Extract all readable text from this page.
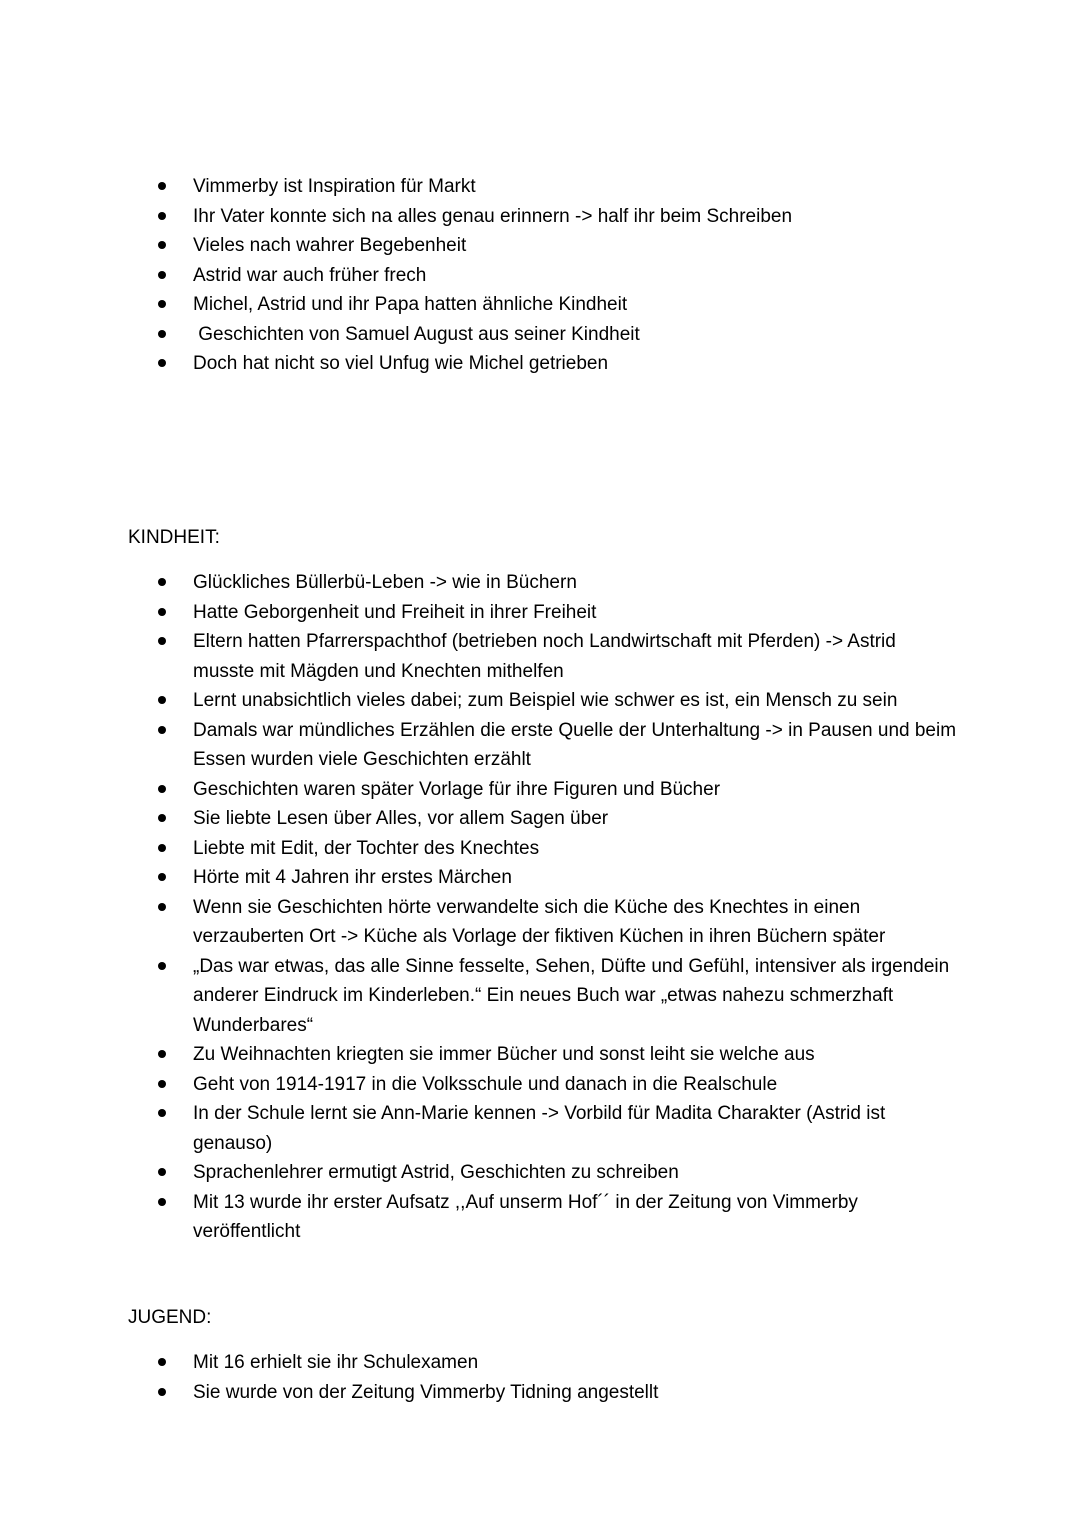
Vimmerby ist Inspiration für Markt
Ihr Vater konnte sich na alles genau erinnern -> half ihr beim Schreiben
Vieles nach wahrer Begebenheit
Astrid war auch früher frech
Michel, Astrid und ihr Papa hatten ähnliche Kindheit
Geschichten von Samuel August aus seiner Kindheit
Doch hat nicht so viel Unfug wie Michel getrieben
KINDHEIT:
Glückliches Büllerbü-Leben -> wie in Büchern
Hatte Geborgenheit und Freiheit in ihrer Freiheit
Eltern hatten Pfarrerspachthof (betrieben noch Landwirtschaft mit Pferden) -> Astrid musste mit Mägden und Knechten mithelfen
Lernt unabsichtlich vieles dabei; zum Beispiel wie schwer es ist, ein Mensch zu sein
Damals war mündliches Erzählen die erste Quelle der Unterhaltung -> in Pausen und beim Essen wurden viele Geschichten erzählt
Geschichten waren später Vorlage für ihre Figuren und Bücher
Sie liebte Lesen über Alles, vor allem Sagen über
Liebte mit Edit, der Tochter des Knechtes
Hörte mit 4 Jahren ihr erstes Märchen
Wenn sie Geschichten hörte verwandelte sich die Küche des Knechtes in einen verzauberten Ort -> Küche als Vorlage der fiktiven Küchen in ihren Büchern später
„Das war etwas, das alle Sinne fesselte, Sehen, Düfte und Gefühl, intensiver als irgendein anderer Eindruck im Kinderleben.“ Ein neues Buch war „etwas nahezu schmerzhaft Wunderbares“
Zu Weihnachten kriegten sie immer Bücher und sonst leiht sie welche aus
Geht von 1914-1917 in die Volksschule und danach in die Realschule
In der Schule lernt sie Ann-Marie kennen -> Vorbild für Madita Charakter (Astrid ist genauso)
Sprachenlehrer ermutigt Astrid, Geschichten zu schreiben
Mit 13 wurde ihr erster Aufsatz ,,Auf unserm Hof´´ in der Zeitung von Vimmerby veröffentlicht
JUGEND:
Mit 16 erhielt sie ihr Schulexamen
Sie wurde von der Zeitung Vimmerby Tidning angestellt
